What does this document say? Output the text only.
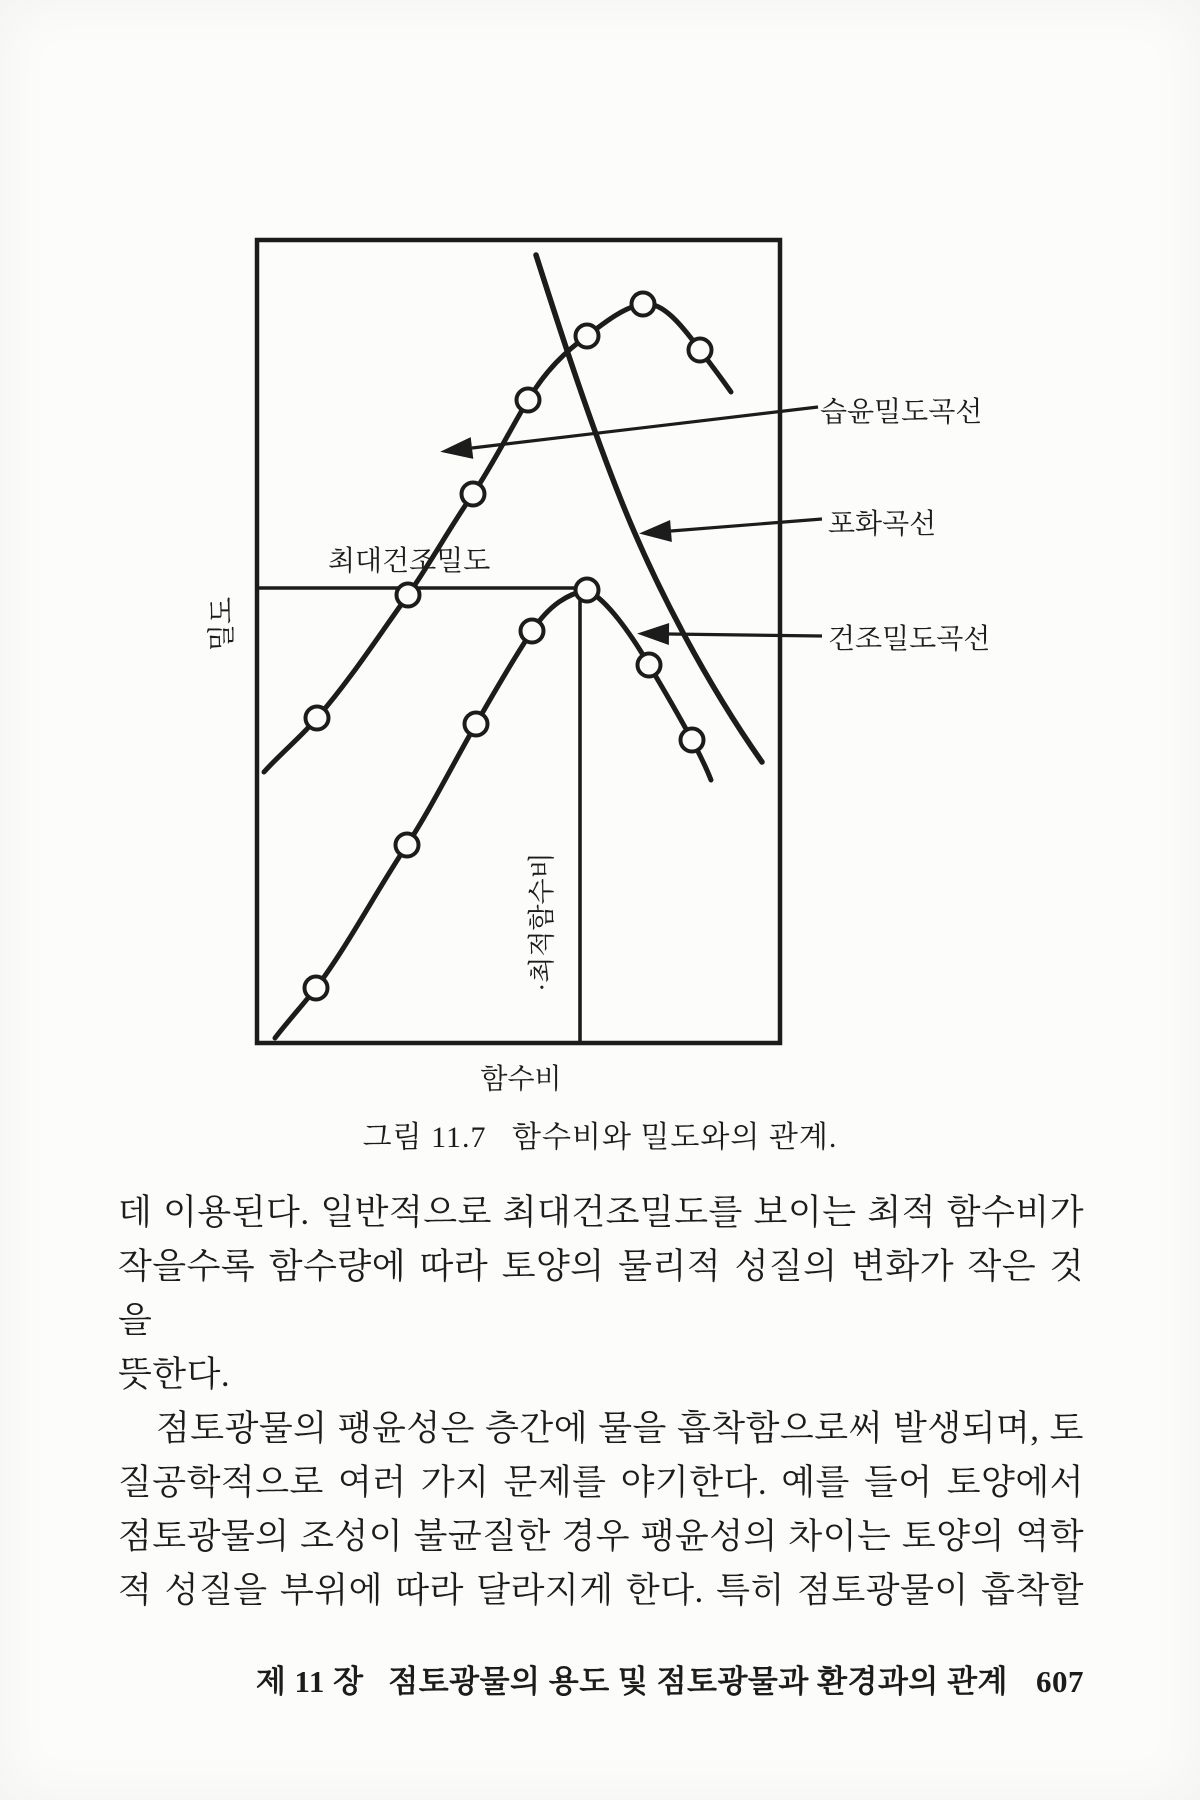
습윤밀도곡선
포화곡선
건조밀도곡선
최대건조밀도
밀도
·최적함수비
함수비
그림 11.7   함수비와 밀도와의 관계.
데 이용된다. 일반적으로 최대건조밀도를 보이는 최적 함수비가
작을수록 함수량에 따라 토양의 물리적 성질의 변화가 작은 것을
뜻한다.
점토광물의 팽윤성은 층간에 물을 흡착함으로써 발생되며, 토
질공학적으로 여러 가지 문제를 야기한다. 예를 들어 토양에서
점토광물의 조성이 불균질한 경우 팽윤성의 차이는 토양의 역학
적 성질을 부위에 따라 달라지게 한다. 특히 점토광물이 흡착할

제 11 장   점토광물의 용도 및 점토광물과 환경과의 관계 607
